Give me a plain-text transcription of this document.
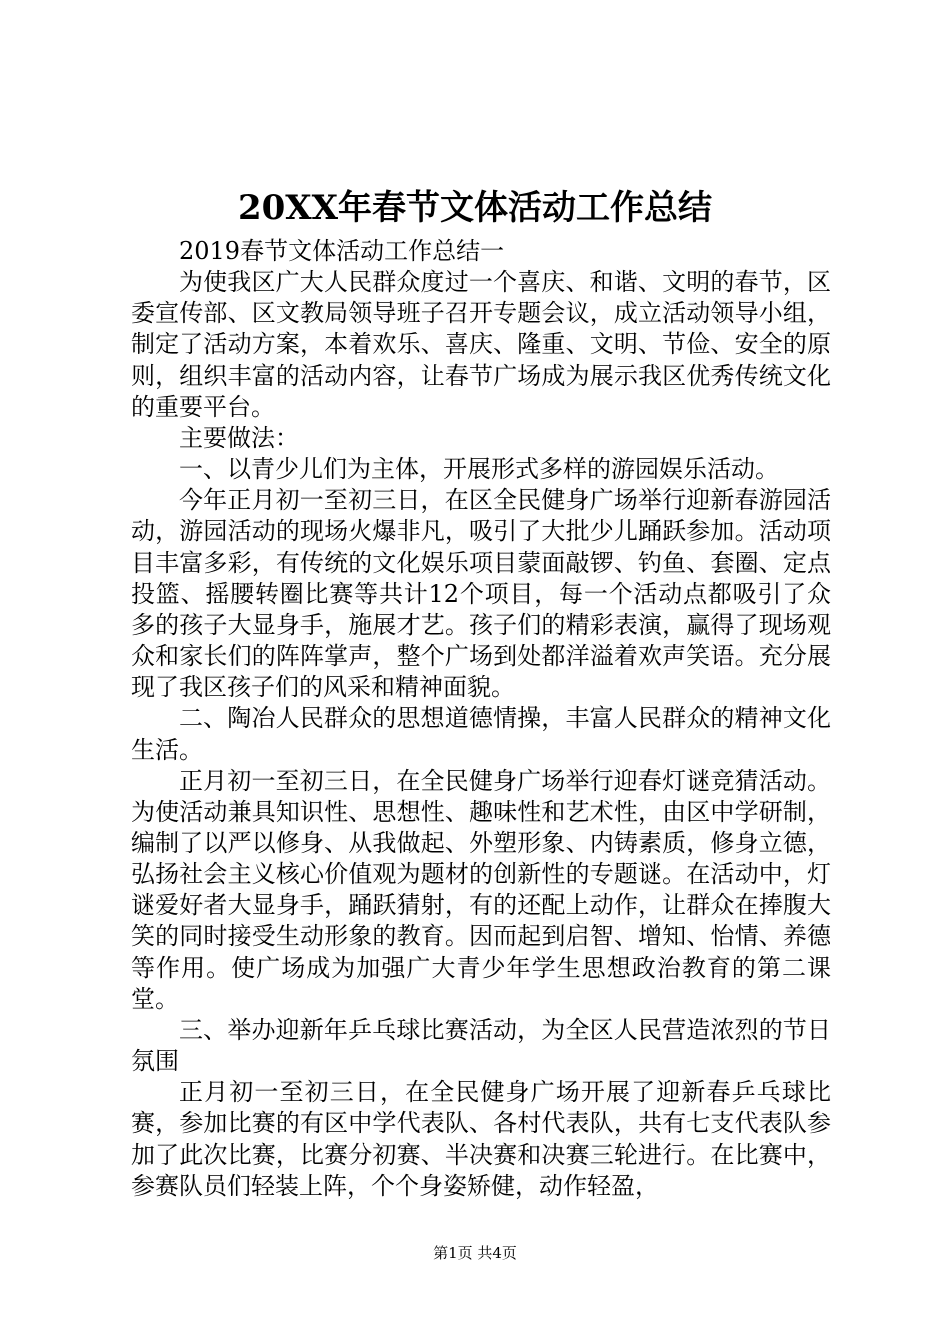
20XX年春节文体活动工作总结

2019春节文体活动工作总结一

为使我区广大人民群众度过一个喜庆、和谐、文明的春节，区委宣传部、区文教局领导班子召开专题会议，成立活动领导小组，制定了活动方案，本着欢乐、喜庆、隆重、文明、节俭、安全的原则，组织丰富的活动内容，让春节广场成为展示我区优秀传统文化的重要平台。

主要做法：

一、以青少儿们为主体，开展形式多样的游园娱乐活动。

今年正月初一至初三日，在区全民健身广场举行迎新春游园活动，游园活动的现场火爆非凡，吸引了大批少儿踊跃参加。活动项目丰富多彩，有传统的文化娱乐项目蒙面敲锣、钓鱼、套圈、定点投篮、摇腰转圈比赛等共计12个项目，每一个活动点都吸引了众多的孩子大显身手，施展才艺。孩子们的精彩表演，赢得了现场观众和家长们的阵阵掌声，整个广场到处都洋溢着欢声笑语。充分展现了我区孩子们的风采和精神面貌。

二、陶冶人民群众的思想道德情操，丰富人民群众的精神文化生活。

正月初一至初三日，在全民健身广场举行迎春灯谜竞猜活动。为使活动兼具知识性、思想性、趣味性和艺术性，由区中学研制，编制了以严以修身、从我做起、外塑形象、内铸素质，修身立德，弘扬社会主义核心价值观为题材的创新性的专题谜。在活动中，灯谜爱好者大显身手，踊跃猜射，有的还配上动作，让群众在捧腹大笑的同时接受生动形象的教育。因而起到启智、增知、怡情、养德等作用。使广场成为加强广大青少年学生思想政治教育的第二课堂。

三、举办迎新年乒乓球比赛活动，为全区人民营造浓烈的节日氛围

正月初一至初三日，在全民健身广场开展了迎新春乒乓球比赛，参加比赛的有区中学代表队、各村代表队，共有七支代表队参加了此次比赛，比赛分初赛、半决赛和决赛三轮进行。在比赛中，参赛队员们轻装上阵，个个身姿矫健，动作轻盈，

第1页 共4页
